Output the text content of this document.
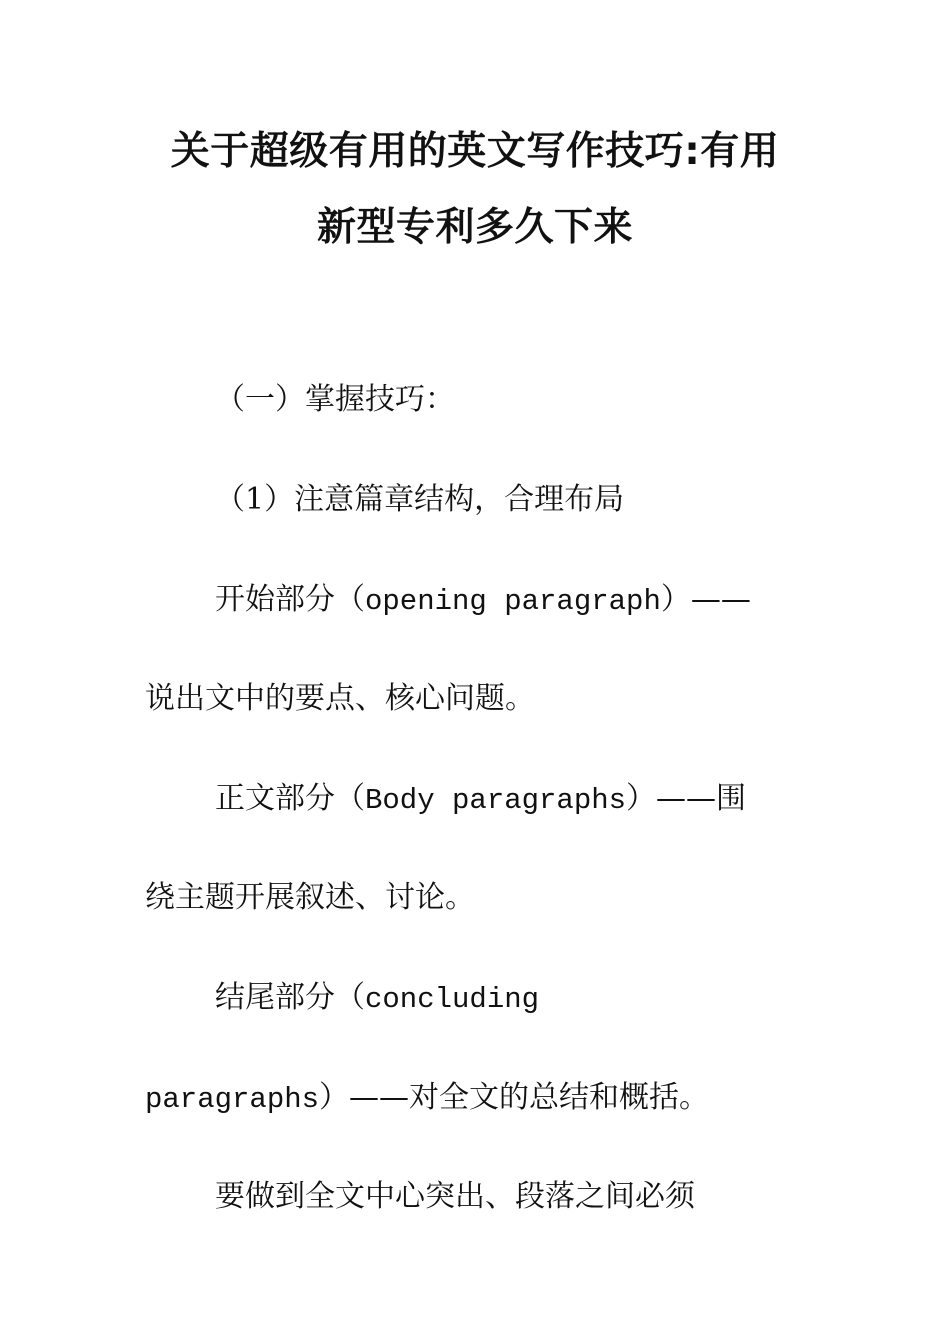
关于超级有用的英文写作技巧:有用
新型专利多久下来
（一）掌握技巧：
（1）注意篇章结构，合理布局
开始部分（opening paragraph）——
说出文中的要点、核心问题。
正文部分（Body paragraphs）——围
绕主题开展叙述、讨论。
结尾部分（concluding
paragraphs）——对全文的总结和概括。
要做到全文中心突出、段落之间必须
